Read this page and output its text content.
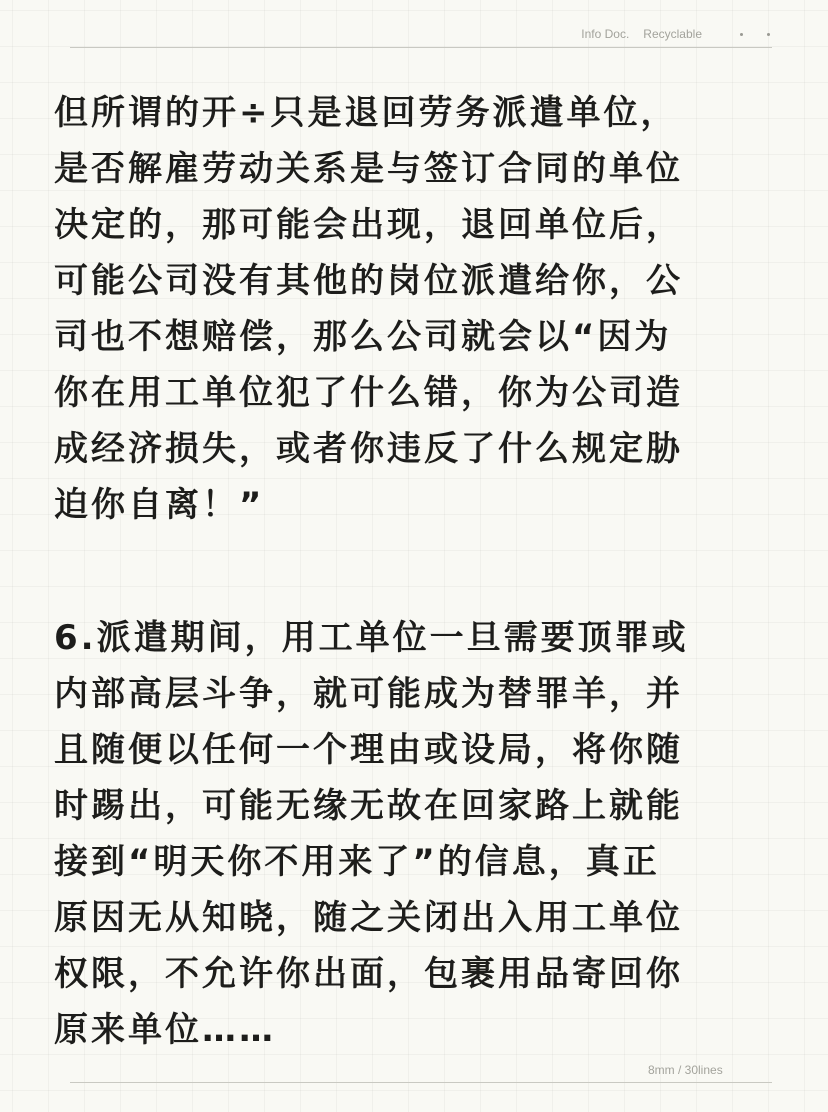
Info Doc. Recyclable

但所谓的开÷只是退回劳务派遣单位，
是否解雇劳动关系是与签订合同的单位
决定的，那可能会出现，退回单位后，
可能公司没有其他的岗位派遣给你，公
司也不想赔偿，那么公司就会以“因为
你在用工单位犯了什么错，你为公司造
成经济损失，或者你违反了什么规定胁
迫你自离！”

6.派遣期间，用工单位一旦需要顶罪或
内部高层斗争，就可能成为替罪羊，并
且随便以任何一个理由或设局，将你随
时踢出，可能无缘无故在回家路上就能
接到“明天你不用来了”的信息，真正
原因无从知晓，随之关闭出入用工单位
权限，不允许你出面，包裹用品寄回你
原来单位……

8mm / 30lines
